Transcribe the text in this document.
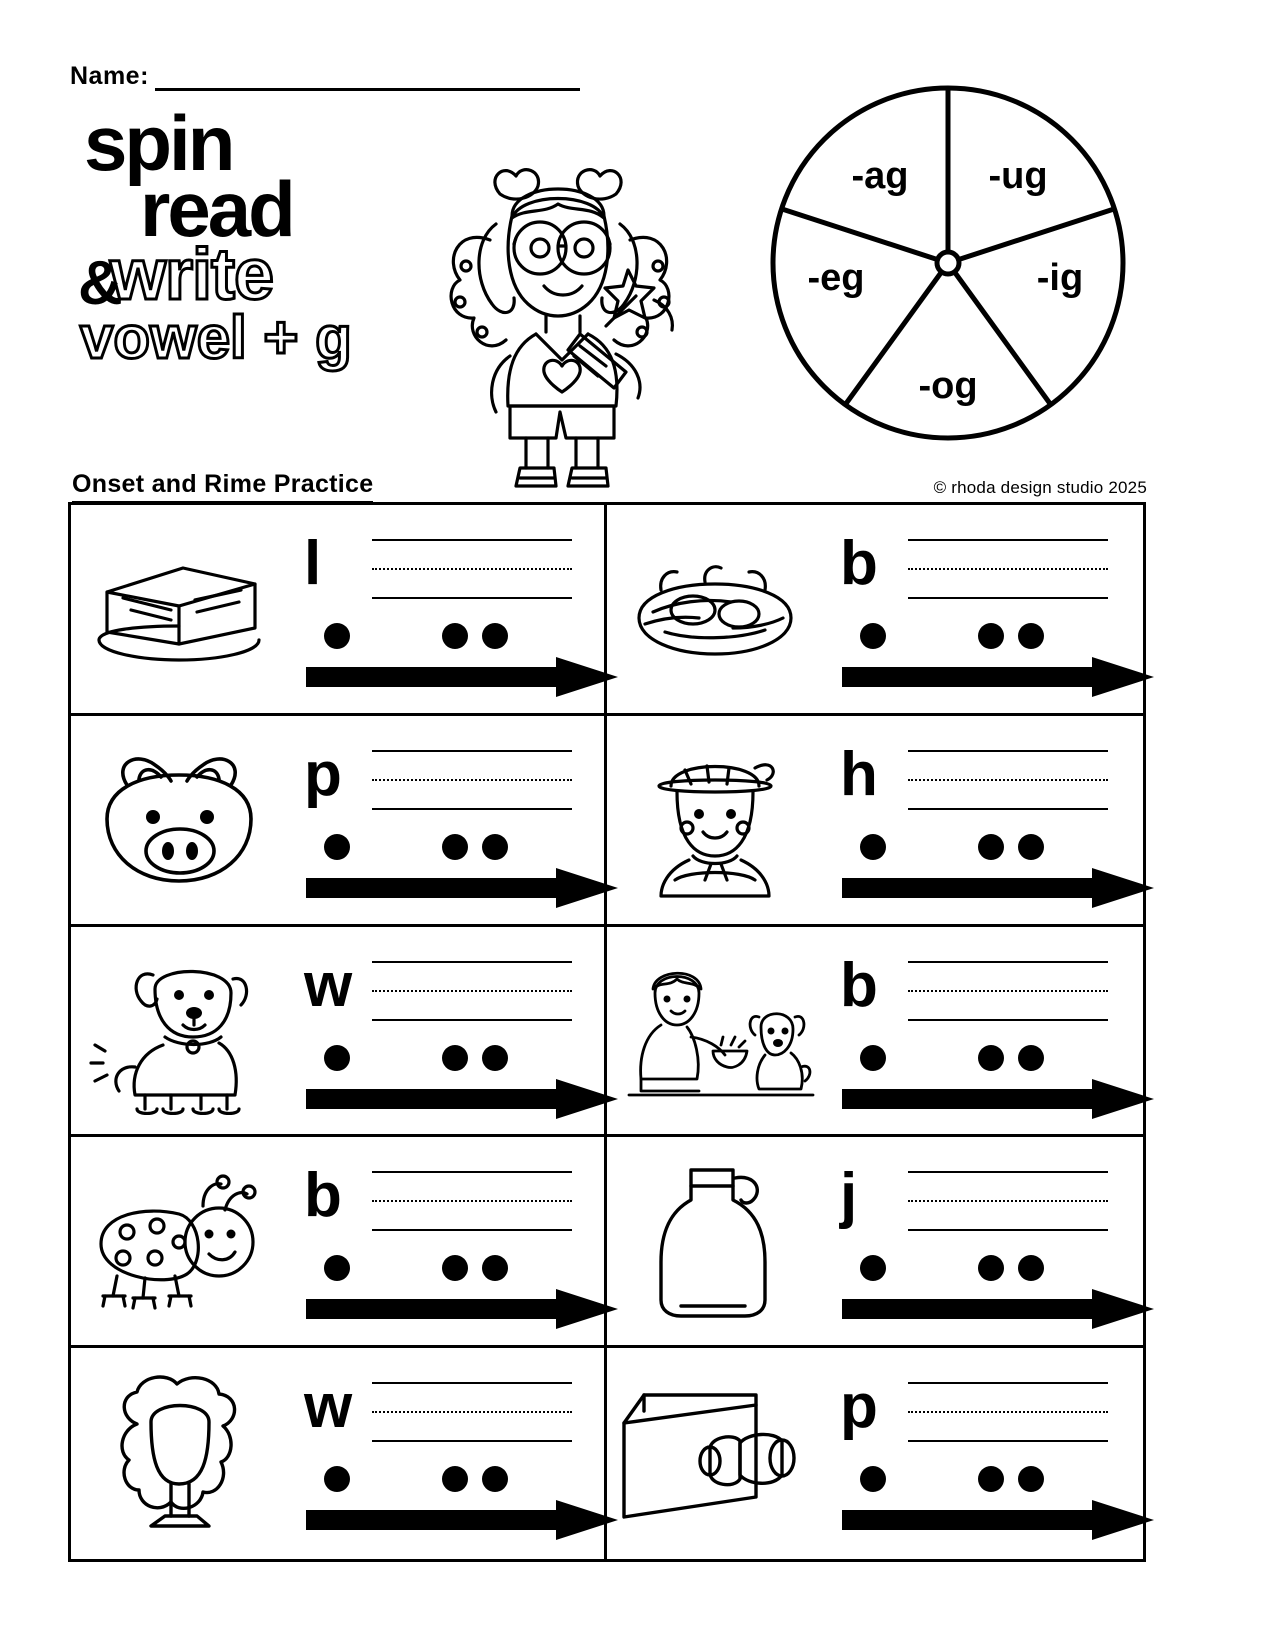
Name:
spin
read
&
write
vowel + g
-ag -ug
-ig
-og
-eg
Onset and Rime Practice	© rhoda design studio 2025
l	b
p	h
w	b
b	j
w	p
